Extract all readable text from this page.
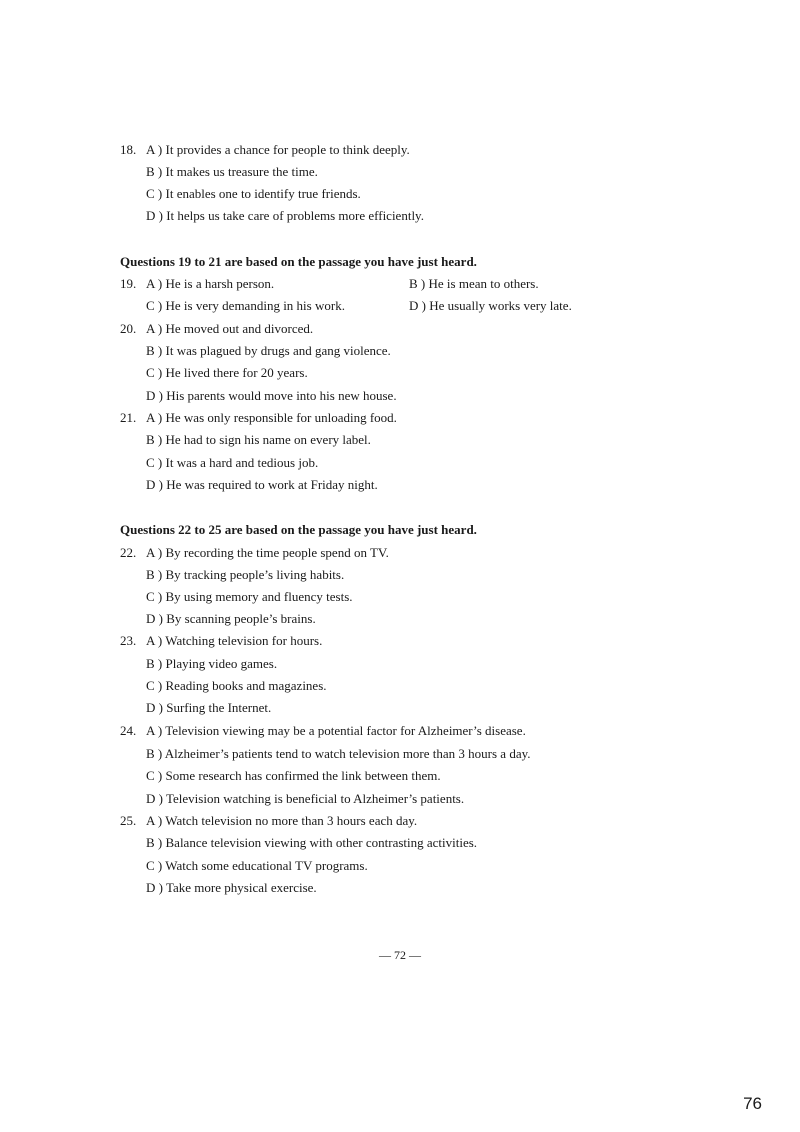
18. A ) It provides a chance for people to think deeply.
B ) It makes us treasure the time.
C ) It enables one to identify true friends.
D ) It helps us take care of problems more efficiently.
Questions 19 to 21 are based on the passage you have just heard.
19. A ) He is a harsh person.	B ) He is mean to others.
C ) He is very demanding in his work.	D ) He usually works very late.
20. A ) He moved out and divorced.
B ) It was plagued by drugs and gang violence.
C ) He lived there for 20 years.
D ) His parents would move into his new house.
21. A ) He was only responsible for unloading food.
B ) He had to sign his name on every label.
C ) It was a hard and tedious job.
D ) He was required to work at Friday night.
Questions 22 to 25 are based on the passage you have just heard.
22. A ) By recording the time people spend on TV.
B ) By tracking people’s living habits.
C ) By using memory and fluency tests.
D ) By scanning people’s brains.
23. A ) Watching television for hours.
B ) Playing video games.
C ) Reading books and magazines.
D ) Surfing the Internet.
24. A ) Television viewing may be a potential factor for Alzheimer’s disease.
B ) Alzheimer’s patients tend to watch television more than 3 hours a day.
C ) Some research has confirmed the link between them.
D ) Television watching is beneficial to Alzheimer’s patients.
25. A ) Watch television no more than 3 hours each day.
B ) Balance television viewing with other contrasting activities.
C ) Watch some educational TV programs.
D ) Take more physical exercise.
— 72 —
76
